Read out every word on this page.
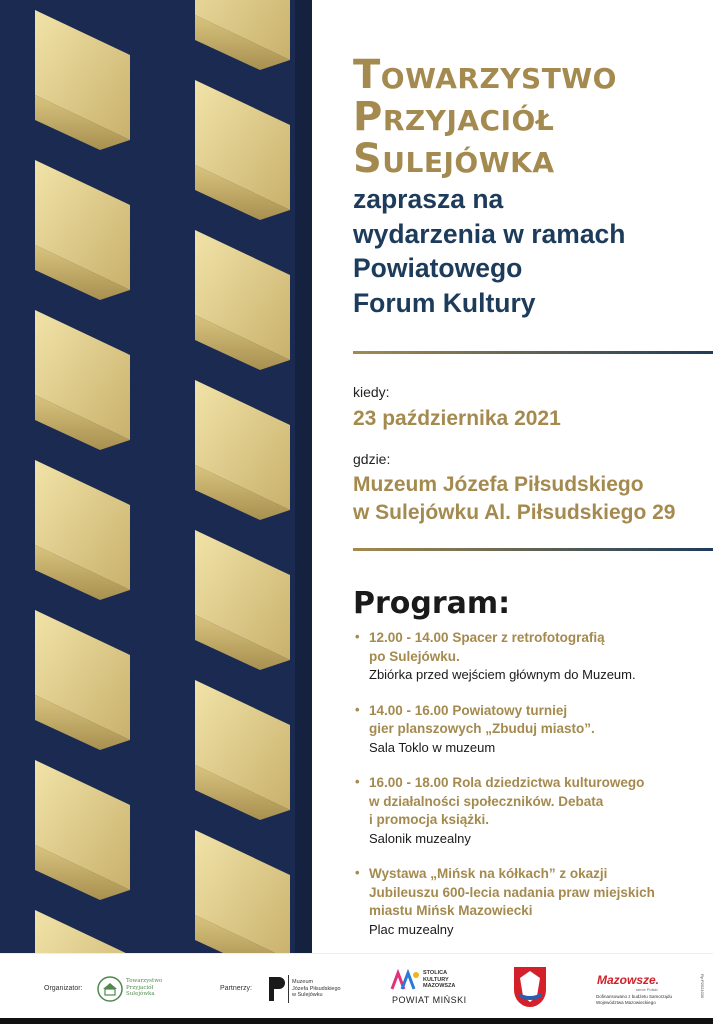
Towarzystwo
Przyjaciół
Sulejówka
zaprasza na
wydarzenia w ramach
Powiatowego
Forum Kultury
kiedy:
23 października 2021
gdzie:
Muzeum Józefa Piłsudskiego
w Sulejówku Al. Piłsudskiego 29
Program:
• 12.00 - 14.00 Spacer z retrofotografią
po Sulejówku.
Zbiórka przed wejściem głównym do Muzeum.
• 14.00 - 16.00 Powiatowy turniej
gier planszowych „Zbuduj miasto”.
Sala Toklo w muzeum
• 16.00 - 18.00 Rola dziedzictwa kulturowego
w działalności społeczników. Debata
i promocja książki.
Salonik muzealny
• Wystawa „Mińsk na kółkach” z okazji
Jubileuszu 600-lecia nadania praw miejskich
miastu Mińsk Mazowiecki
Plac muzealny
Organizator:
Towarzystwo
Przyjaciół
Sulejówka
Partnerzy:
Muzeum
Józefa Piłsudskiego
w Sulejówku
STOLICA
KULTURY
MAZOWSZA
POWIAT MIŃSKI
Mazowsze.
serce Polski
Dofinansowano z budżetu Samorządu
Województwa Mazowieckiego
Ry:P2021030
